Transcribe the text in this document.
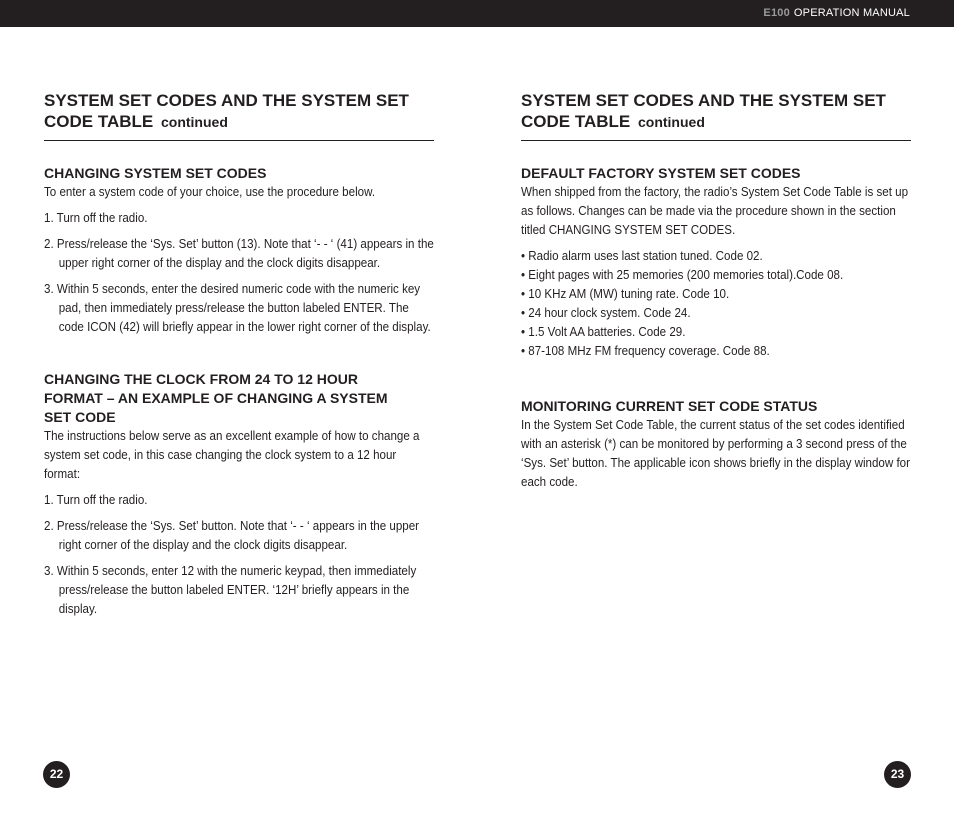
E100 OPERATION MANUAL
SYSTEM SET CODES AND THE SYSTEM SET
CODE TABLE continued
CHANGING SYSTEM SET CODES
To enter a system code of your choice, use the procedure below.
1. Turn off the radio.
2. Press/release the ‘Sys. Set’ button (13). Note that ‘- - ‘ (41) appears in the upper right corner of the display and the clock digits disappear.
3. Within 5 seconds, enter the desired numeric code with the numeric key pad, then immediately press/release the button labeled ENTER. The code ICON (42) will briefly appear in the lower right corner of the display.
CHANGING THE CLOCK FROM 24 TO 12 HOUR FORMAT – AN EXAMPLE OF CHANGING A SYSTEM SET CODE
The instructions below serve as an excellent example of how to change a system set code, in this case changing the clock system to a 12 hour format:
1. Turn off the radio.
2. Press/release the ‘Sys. Set’ button. Note that ‘- - ‘ appears in the upper right corner of the display and the clock digits disappear.
3. Within 5 seconds, enter 12 with the numeric keypad, then immediately press/release the button labeled ENTER. ‘12H’ briefly appears in the display.
SYSTEM SET CODES AND THE SYSTEM SET
CODE TABLE continued
DEFAULT FACTORY SYSTEM SET CODES
When shipped from the factory, the radio’s System Set Code Table is set up as follows. Changes can be made via the procedure shown in the section titled CHANGING SYSTEM SET CODES.
• Radio alarm uses last station tuned. Code 02.
• Eight pages with 25 memories (200 memories total).Code 08.
• 10 KHz AM (MW) tuning rate. Code 10.
• 24 hour clock system. Code 24.
• 1.5 Volt AA batteries. Code 29.
• 87-108 MHz FM frequency coverage. Code 88.
MONITORING CURRENT SET CODE STATUS
In the System Set Code Table, the current status of the set codes identified with an asterisk (*) can be monitored by performing a 3 second press of the ‘Sys. Set’ button. The applicable icon shows briefly in the display window for each code.
22	23
